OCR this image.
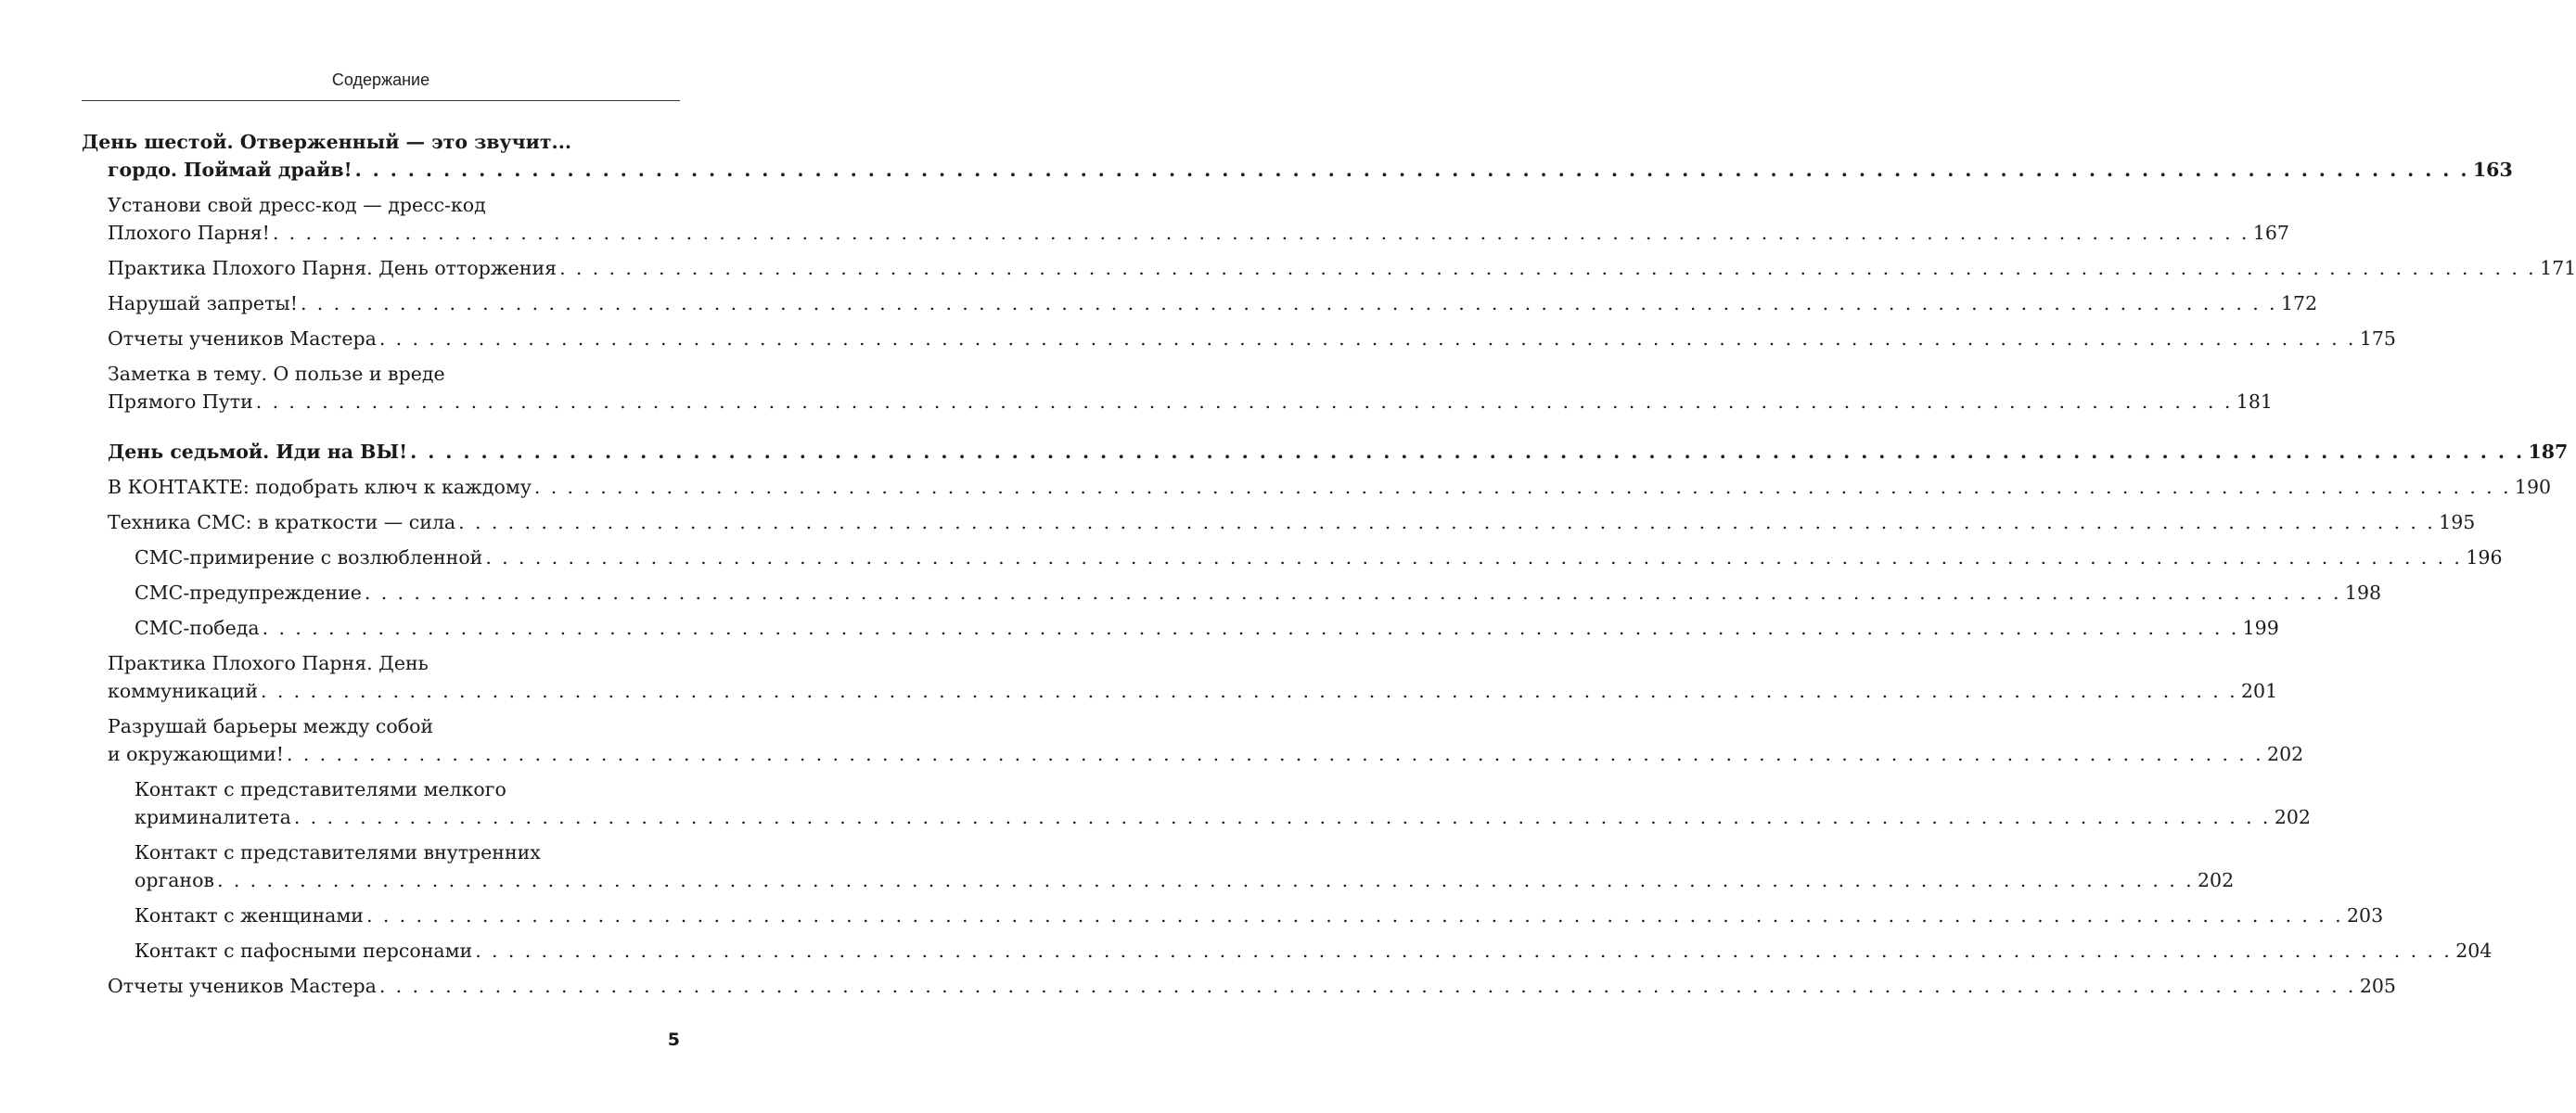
Содержание
День шестой. Отверженный — это звучит...
гордо. Поймай драйв! . . . . . . . . . . . . . . . . . . . . . . . . . . . . . . . . . . . . . . . . . . . . . . . . . . . . . . . . . . . . . . . . . . . . . . . . . . . . . . . . . . . . . . . . . . . . . . . . . . . . . . . . . . . . . . . . . . . . . . . . 163
Установи свой дресс-код — дресс-код
Плохого Парня! . . . . . . . . . . . . . . . . . . . . . . . . . . . . . . . . . . . . . . . . . . . . . . . . . . . . . . . . . . . . . . . . . . . . . . . . . . . . . . . . . . . . . . . . . . . . . . . . . . . . . . . . . . . . . . . . . . . . . . . . 167
Практика Плохого Парня. День отторжения . . . . . . . . . . . . . . . . . . . . . . . . . . . . . . . . . . . . . . . . . . . . . . . . . . . . . . . . . . . . . . . . . . . . . . . . . . . . . . . . . . . . . . . . . . . . . . . . . . . . . . . . . . . . . . . . . . . . . . . . 171
Нарушай запреты! . . . . . . . . . . . . . . . . . . . . . . . . . . . . . . . . . . . . . . . . . . . . . . . . . . . . . . . . . . . . . . . . . . . . . . . . . . . . . . . . . . . . . . . . . . . . . . . . . . . . . . . . . . . . . . . . . . . . . . . . 172
Отчеты учеников Мастера . . . . . . . . . . . . . . . . . . . . . . . . . . . . . . . . . . . . . . . . . . . . . . . . . . . . . . . . . . . . . . . . . . . . . . . . . . . . . . . . . . . . . . . . . . . . . . . . . . . . . . . . . . . . . . . . . . . . . . . . 175
Заметка в тему. О пользе и вреде
Прямого Пути . . . . . . . . . . . . . . . . . . . . . . . . . . . . . . . . . . . . . . . . . . . . . . . . . . . . . . . . . . . . . . . . . . . . . . . . . . . . . . . . . . . . . . . . . . . . . . . . . . . . . . . . . . . . . . . . . . . . . . . . 181
День седьмой. Иди на ВЫ! . . . . . . . . . . . . . . . . . . . . . . . . . . . . . . . . . . . . . . . . . . . . . . . . . . . . . . . . . . . . . . . . . . . . . . . . . . . . . . . . . . . . . . . . . . . . . . . . . . . . . . . . . . . . . . . . . . . . . . . . 187
В КОНТАКТЕ: подобрать ключ к каждому . . . . . . . . . . . . . . . . . . . . . . . . . . . . . . . . . . . . . . . . . . . . . . . . . . . . . . . . . . . . . . . . . . . . . . . . . . . . . . . . . . . . . . . . . . . . . . . . . . . . . . . . . . . . . . . . . . . . . . . . 190
Техника СМС: в краткости — сила . . . . . . . . . . . . . . . . . . . . . . . . . . . . . . . . . . . . . . . . . . . . . . . . . . . . . . . . . . . . . . . . . . . . . . . . . . . . . . . . . . . . . . . . . . . . . . . . . . . . . . . . . . . . . . . . . . . . . . . . 195
СМС-примирение с возлюбленной . . . . . . . . . . . . . . . . . . . . . . . . . . . . . . . . . . . . . . . . . . . . . . . . . . . . . . . . . . . . . . . . . . . . . . . . . . . . . . . . . . . . . . . . . . . . . . . . . . . . . . . . . . . . . . . . . . . . . . . . 196
СМС-предупреждение . . . . . . . . . . . . . . . . . . . . . . . . . . . . . . . . . . . . . . . . . . . . . . . . . . . . . . . . . . . . . . . . . . . . . . . . . . . . . . . . . . . . . . . . . . . . . . . . . . . . . . . . . . . . . . . . . . . . . . . . 198
СМС-победа . . . . . . . . . . . . . . . . . . . . . . . . . . . . . . . . . . . . . . . . . . . . . . . . . . . . . . . . . . . . . . . . . . . . . . . . . . . . . . . . . . . . . . . . . . . . . . . . . . . . . . . . . . . . . . . . . . . . . . . . 199
Практика Плохого Парня. День
коммуникаций . . . . . . . . . . . . . . . . . . . . . . . . . . . . . . . . . . . . . . . . . . . . . . . . . . . . . . . . . . . . . . . . . . . . . . . . . . . . . . . . . . . . . . . . . . . . . . . . . . . . . . . . . . . . . . . . . . . . . . . . 201
Разрушай барьеры между собой
и окружающими! . . . . . . . . . . . . . . . . . . . . . . . . . . . . . . . . . . . . . . . . . . . . . . . . . . . . . . . . . . . . . . . . . . . . . . . . . . . . . . . . . . . . . . . . . . . . . . . . . . . . . . . . . . . . . . . . . . . . . . . . 202
Контакт с представителями мелкого
криминалитета . . . . . . . . . . . . . . . . . . . . . . . . . . . . . . . . . . . . . . . . . . . . . . . . . . . . . . . . . . . . . . . . . . . . . . . . . . . . . . . . . . . . . . . . . . . . . . . . . . . . . . . . . . . . . . . . . . . . . . . . 202
Контакт с представителями внутренних
органов . . . . . . . . . . . . . . . . . . . . . . . . . . . . . . . . . . . . . . . . . . . . . . . . . . . . . . . . . . . . . . . . . . . . . . . . . . . . . . . . . . . . . . . . . . . . . . . . . . . . . . . . . . . . . . . . . . . . . . . . 202
Контакт с женщинами . . . . . . . . . . . . . . . . . . . . . . . . . . . . . . . . . . . . . . . . . . . . . . . . . . . . . . . . . . . . . . . . . . . . . . . . . . . . . . . . . . . . . . . . . . . . . . . . . . . . . . . . . . . . . . . . . . . . . . . . 203
Контакт с пафосными персонами . . . . . . . . . . . . . . . . . . . . . . . . . . . . . . . . . . . . . . . . . . . . . . . . . . . . . . . . . . . . . . . . . . . . . . . . . . . . . . . . . . . . . . . . . . . . . . . . . . . . . . . . . . . . . . . . . . . . . . . . 204
Отчеты учеников Мастера . . . . . . . . . . . . . . . . . . . . . . . . . . . . . . . . . . . . . . . . . . . . . . . . . . . . . . . . . . . . . . . . . . . . . . . . . . . . . . . . . . . . . . . . . . . . . . . . . . . . . . . . . . . . . . . . . . . . . . . . 205
5
